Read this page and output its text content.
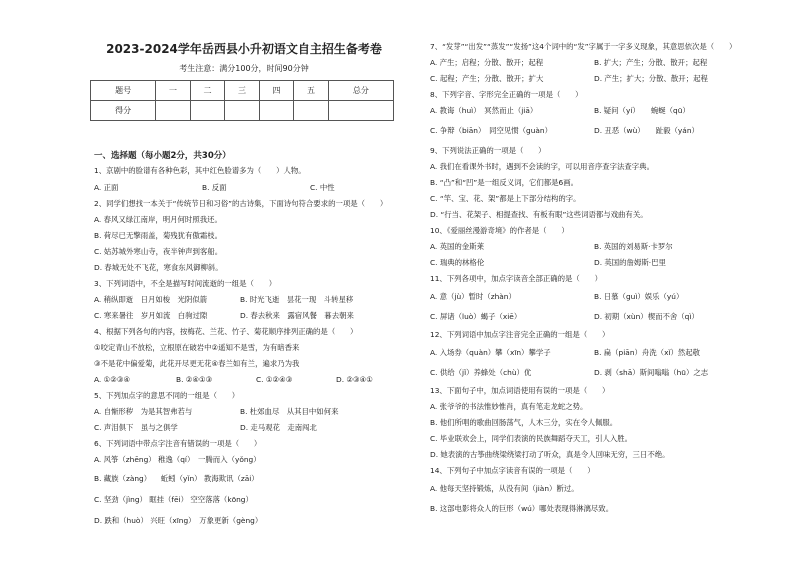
2023-2024学年岳西县小升初语文自主招生备考卷
考生注意：满分100分，时间90分钟
题号	一	二	三	四	五	总分
得分						
一、选择题（每小题2分，共30分）
1、京剧中的脸谱有各种色彩，其中红色脸谱多为（　　）人物。
A. 正面	B. 反面	C. 中性
2、同学们想找一本关于“传统节日和习俗”的古诗集，下面诗句符合要求的一项是（　　）
A. 春风又绿江南岸，明月何时照我还。
B. 荷尽已无擎雨盖，菊残犹有傲霜枝。
C. 姑苏城外寒山寺，夜半钟声到客船。
D. 春城无处不飞花，寒食东风御柳斜。
3、下列词语中，不全是描写时间流逝的一组是（　　）
A. 稍纵即逝　日月如梭　光阴似箭	B. 时光飞逝　昙花一现　斗转星移
C. 寒来暑往　岁月如流　白驹过隙	D. 春去秋来　露宿风餐　暮去朝来
4、根据下列各句的内容，按梅花、兰花、竹子、菊花顺序排列正确的是（　　）
①咬定青山不放松，立根原在破岩中②遥知不是雪，为有暗香来
③不是花中偏爱菊，此花开尽更无花④春兰如有兰，遍求乃为我
A. ①②③④	B. ②④①③	C. ①②④③	D. ②③④①
5、下列加点字的意思不同的一组是（　　）
A. 自惭形秽　为是其智弗若与	B. 杜郊血尽　从其目中如何来
C. 声泪俱下　虽与之俱学	D. 走马观花　走南闯北
6、下列词语中带点字注音有错误的一项是（　　）
A. 风筝（zhēng） 稚逸（qí）　一腾而入（yǒng）
B. 藏族（zàng） 　蚯蚓（yǐn） 教海欺讯（zāi）
C. 坚劲（jìng） 眶挂（fēi） 空空落落（kōng）
D. 跌和（huò） 兴旺（xīng）　万象更新（gèng）
7、“发芽”“出发”“蒸发”“发扬”这4个词中的“发”字属于一字多义现象，其意思依次是（　　）
A. 产生；启程；分散、散开；起程	B. 扩大；产生；分散、散开；起程
C. 起程；产生；分散、散开；扩大	D. 产生；扩大；分散、散开；起程
8、下列字音、字形完全正确的一项是（　　）
A. 教诲（huì）　冥然而止（jiā）	B. 疑问（yí）　　蜿蜒（qū）
C. 争辩（biān）　同空见惯（guàn）	D. 丑恶（wù）　　趾毅（yán）
9、下列说法正确的一项是（　　）
A. 我们在看课外书时，遇到不会读的字，可以用音序查字法查字典。
B. “凸”和“凹”是一组反义词，它们都是6画。
C. “竿、宝、花、架”都是上下部分结构的字。
D. “行当、花架子、相提查找、有板有眼”这些词语都与戏曲有关。
10、《爱丽丝漫游奇境》的作者是（　　）
A. 英国的金斯莱	B. 英国的刘易斯·卡罗尔
C. 瑞典的林格伦	D. 英国的詹姆斯·巴里
11、下列各项中，加点字读音全部正确的是（　　）
A. 意（jù）暂时（zhàn）	B. 日慕（guì）娱乐（yú）
C. 屏诸（luò）蝎子（xiē）	D. 初期（xùn）楔而不舍（qì）
12、下列词语中加点字注音完全正确的一组是（　　）
A. 入场券（quàn）攀（xīn）攀学子	B. 扁（piān）舟洗（xǐ）然起敬
C. 供给（jǐ）养蜂处（chù）优	D. 剥（shā）斯间嗡嗡（hū）之志
13、下面句子中，加点词语使用有误的一项是（　　）
A. 张爷爷的书法惟妙惟肖，真有笔走龙蛇之势。
B. 他们所唱的歌曲回肠荡气，人木三分，实在令人佩服。
C. 毕业联欢会上，同学们表演的民族舞蹈夺天工，引人入胜。
D. 她表演的古筝曲绕梁绕梁打动了听众，真是令人回味无穷，三日不绝。
14、下列句子中加点字读音有误的一项是（　　）
A. 他每天坚持锻炼，从没有间（jiàn）断过。
B. 这部电影将众人的巨形（wú）哪处表现得淋漓尽致。
